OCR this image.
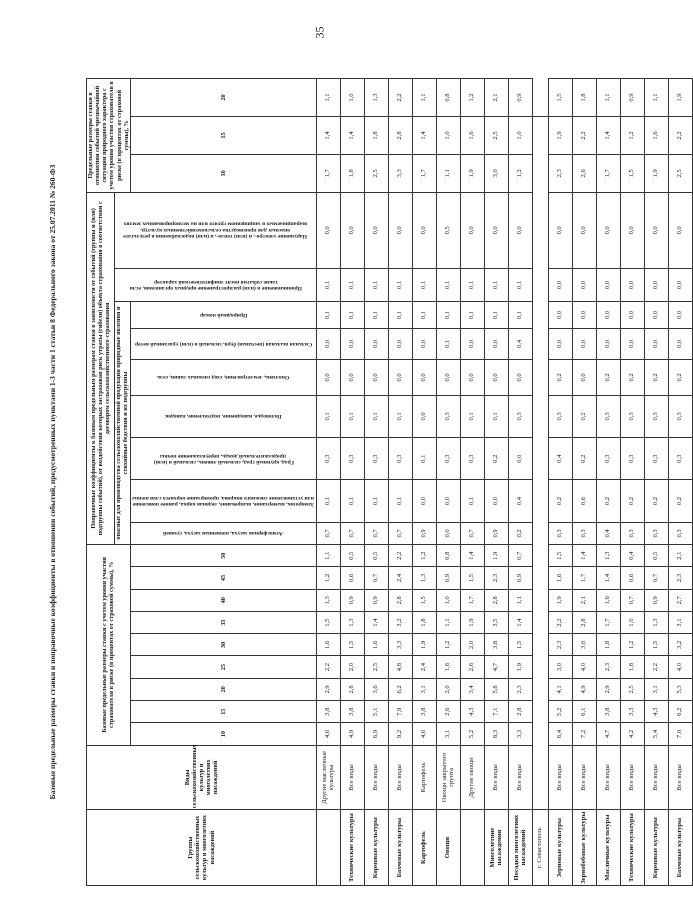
35
Базовые предельные размеры ставки и поправочные коэффициенты в отношении событий, предусмотренных пунктами 1-3 части 1 статьи 8 Федерального закона от 25.07.2011 № 260-ФЗ
Группы сельскохозяйственных культур и многолетних насаждений	Виды сельскохозяйственных культур и многолетних насаждений	Базовые предельные размеры ставки с учетом уровня участия страхователя в риске (в процентах от страховой суммы), %									Поправочные коэффициенты к базовым предельным размерам ставки в зависимости от событий (группы и (или) подгруппы событий), от воздействия которых застрахован риск утраты (гибели) объекта страхования в соответствии с договором сельскохозяйственного страхования									Предельные размеры ставки в отношении событий чрезвычайной ситуации природного характера с учетом уровня участия страхователя в риске (в процентах от страховой суммы), %		
											опасные для производства сельскохозяйственной продукции природные явления и стихийные бедствия и их подгруппы							Проникновение и (или) распространение вредных организмов, если такие события носят эпифитотический характер	Нарушение электро-, и (или) тепло-, и (или) водоснабжения в результате опасных для производства сельскохозяйственных культур, выращиваемых в защищенном грунте или на мелиорированных землях			

		10	15	20	25	30	35	40	45	50	Атмосферная засуха, почвенная засуха, суховей	Заморозок, вымерзание, выпревание, ледяная корка, раннее появление или установление снежного покрова, промерзание верхнего слоя почвы	Град, крупный град, сильный ливень, сильный и (или) продолжительный дождь, переувлажнение почвы	Половодье, наводнение, подтопление, паводок	Оползень, землетрясение, сход снежных лавин, сель	Сильная пыльная (песчаная) буря, сильный и (или) ураганный ветер	Природный пожар			10	15	20
	Другие масличные культуры	4,6	3,8	2,9	2,2	1,6	1,5	1,3	1,2	1,1	0,7	0,1	0,3	0,1	0,0	0,0	0,1	0,1	0,0	1,7	1,4	1,1
Технические культуры	Все виды	4,9	3,8	2,8	2,0	1,5	1,3	0,9	0,6	0,5	0,7	0,1	0,3	0,1	0,0	0,0	0,1	0,1	0,0	1,8	1,4	1,0
Кормовые культуры	Все виды	6,9	5,1	3,6	2,5	1,6	1,4	0,9	0,7	0,5	0,7	0,1	0,3	0,1	0,0	0,0	0,1	0,1	0,0	2,5	1,8	1,3
Бахчевые культуры	Все виды	9,2	7,9	6,2	4,8	3,3	3,2	2,8	2,4	2,2	0,7	0,1	0,3	0,1	0,0	0,0	0,1	0,1	0,0	3,3	2,8	2,2
Картофель	Картофель	4,6	3,8	3,1	2,4	1,9	1,8	1,5	1,3	1,2	0,9	0,0	0,1	0,0	0,0	0,0	0,1	0,1	0,0	1,7	1,4	1,1
Овощи	Овощи закрытого грунта	3,1	2,6	2,0	1,6	1,2	1,1	1,0	0,9	0,8	0,0	0,0	0,3	0,3	0,0	0,1	0,1	0,1	0,5	1,1	1,0	0,8
	Другие овощи	5,2	4,3	3,4	2,6	2,0	1,9	1,7	1,5	1,4	0,7	0,1	0,3	0,1	0,0	0,0	0,1	0,1	0,0	1,9	1,6	1,2
Многолетние насаждения	Все виды	8,3	7,1	5,8	4,7	3,8	3,5	2,8	2,3	1,9	0,9	0,0	0,2	0,1	0,0	0,0	0,1	0,1	0,0	3,0	2,5	2,1
Посадки многолетних насаждений	Все виды	3,3	2,8	2,3	1,9	1,5	1,4	1,1	0,9	0,7	0,2	0,4	0,0	0,3	0,0	0,4	0,1	0,1	0,0	1,2	1,0	0,9
г. Севастополь																						
Зерновые культуры	Все виды	6,4	5,2	4,1	3,0	2,3	2,2	1,9	1,6	1,5	0,3	0,2	0,4	0,3	0,2	0,0	0,0	0,0	0,0	2,3	1,9	1,5
Зернобобовые культуры	Все виды	7,2	6,1	4,9	4,0	3,0	2,8	2,1	1,7	1,4	0,3	0,6	0,2	0,2	0,0	0,0	0,0	0,0	0,0	2,6	2,2	1,8
Масличные культуры	Все виды	4,7	3,8	2,9	2,3	1,8	1,7	1,6	1,4	1,3	0,4	0,2	0,3	0,3	0,2	0,0	0,0	0,0	0,0	1,7	1,4	1,1
Технические культуры	Все виды	4,2	3,3	2,5	1,8	1,2	1,0	0,7	0,6	0,4	0,3	0,2	0,3	0,3	0,2	0,0	0,0	0,0	0,0	1,5	1,2	0,9
Кормовые культуры	Все виды	5,4	4,3	3,1	2,2	1,5	1,3	0,9	0,7	0,5	0,3	0,2	0,3	0,3	0,2	0,0	0,0	0,0	0,0	1,9	1,6	1,1
Бахчевые культуры	Все виды	7,0	6,2	5,3	4,0	3,2	3,1	2,7	2,3	2,1	0,3	0,2	0,3	0,3	0,2	0,0	0,0	0,0	0,0	2,5	2,2	1,9
